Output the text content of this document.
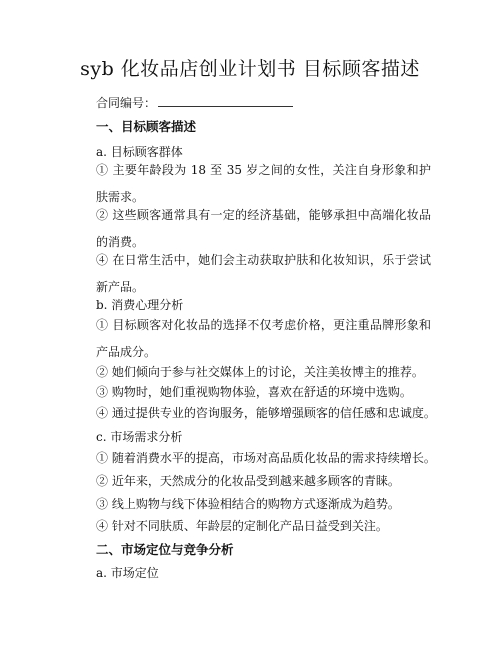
syb 化妆品店创业计划书 目标顾客描述
合同编号：
一、目标顾客描述
a. 目标顾客群体
① 主要年龄段为 18 至 35 岁之间的女性，关注自身形象和护肤需求。
② 这些顾客通常具有一定的经济基础，能够承担中高端化妆品的消费。
④ 在日常生活中，她们会主动获取护肤和化妆知识，乐于尝试新产品。
b. 消费心理分析
① 目标顾客对化妆品的选择不仅考虑价格，更注重品牌形象和产品成分。
② 她们倾向于参与社交媒体上的讨论，关注美妆博主的推荐。
③ 购物时，她们重视购物体验，喜欢在舒适的环境中选购。
④ 通过提供专业的咨询服务，能够增强顾客的信任感和忠诚度。
c. 市场需求分析
① 随着消费水平的提高，市场对高品质化妆品的需求持续增长。
② 近年来，天然成分的化妆品受到越来越多顾客的青睐。
③ 线上购物与线下体验相结合的购物方式逐渐成为趋势。
④ 针对不同肤质、年龄层的定制化产品日益受到关注。
二、市场定位与竞争分析
a. 市场定位
